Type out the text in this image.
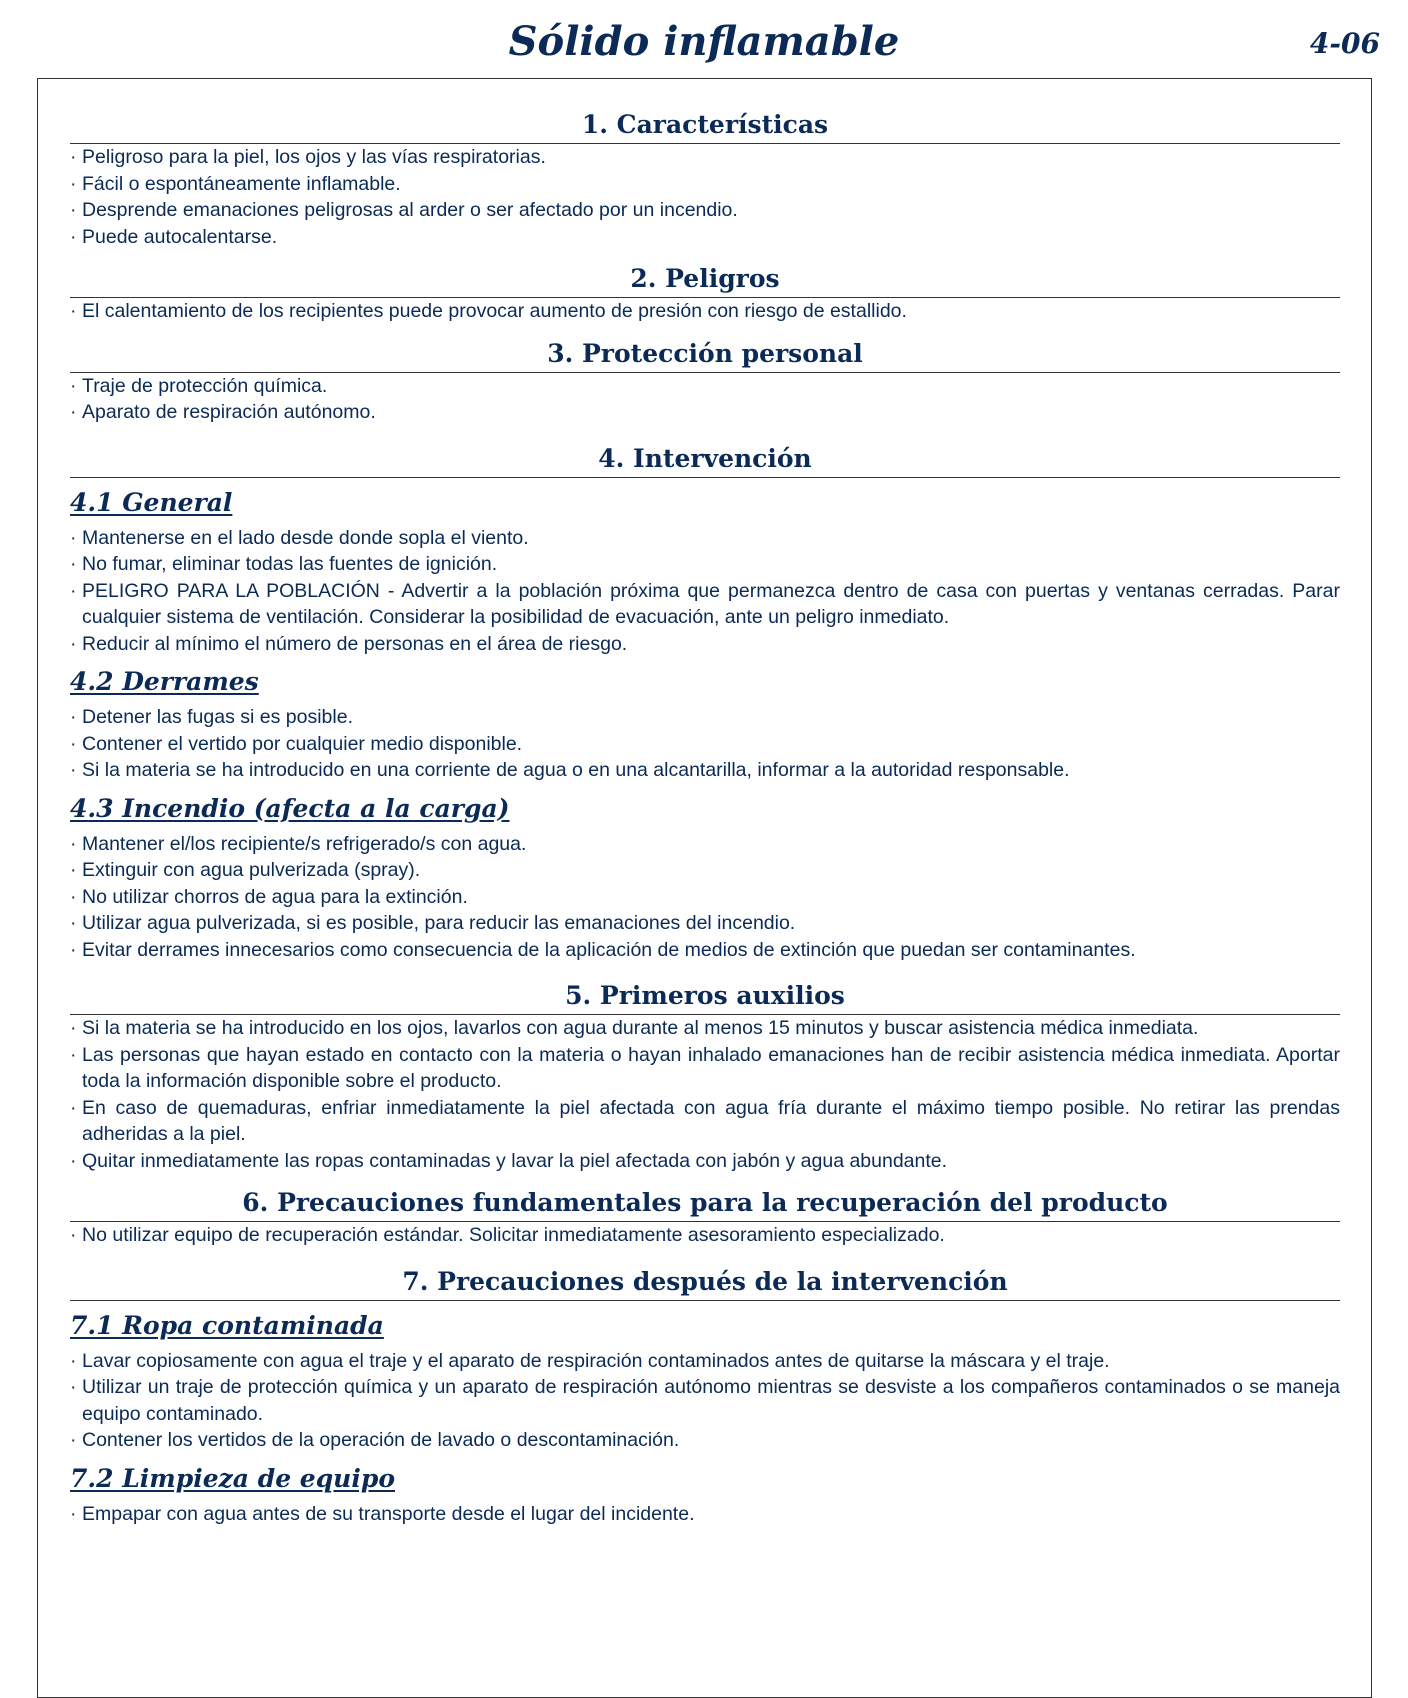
Sólido inflamable	4-06
1. Características
· Peligroso para la piel, los ojos y las vías respiratorias.
· Fácil o espontáneamente inflamable.
· Desprende emanaciones peligrosas al arder o ser afectado por un incendio.
· Puede autocalentarse.
2. Peligros
· El calentamiento de los recipientes puede provocar aumento de presión con riesgo de estallido.
3. Protección personal
· Traje de protección química.
· Aparato de respiración autónomo.
4. Intervención
4.1 General
· Mantenerse en el lado desde donde sopla el viento.
· No fumar, eliminar todas las fuentes de ignición.
· PELIGRO PARA LA POBLACIÓN - Advertir a la población próxima que permanezca dentro de casa con puertas y ventanas cerradas. Parar cualquier sistema de ventilación. Considerar la posibilidad de evacuación, ante un peligro inmediato.
· Reducir al mínimo el número de personas en el área de riesgo.
4.2 Derrames
· Detener las fugas si es posible.
· Contener el vertido por cualquier medio disponible.
· Si la materia se ha introducido en una corriente de agua o en una alcantarilla, informar a la autoridad responsable.
4.3 Incendio (afecta a la carga)
· Mantener el/los recipiente/s refrigerado/s con agua.
· Extinguir con agua pulverizada (spray).
· No utilizar chorros de agua para la extinción.
· Utilizar agua pulverizada, si es posible, para reducir las emanaciones del incendio.
· Evitar derrames innecesarios como consecuencia de la aplicación de medios de extinción que puedan ser contaminantes.
5. Primeros auxilios
· Si la materia se ha introducido en los ojos, lavarlos con agua durante al menos 15 minutos y buscar asistencia médica inmediata.
· Las personas que hayan estado en contacto con la materia o hayan inhalado emanaciones han de recibir asistencia médica inmediata. Aportar toda la información disponible sobre el producto.
· En caso de quemaduras, enfriar inmediatamente la piel afectada con agua fría durante el máximo tiempo posible. No retirar las prendas adheridas a la piel.
· Quitar inmediatamente las ropas contaminadas y lavar la piel afectada con jabón y agua abundante.
6. Precauciones fundamentales para la recuperación del producto
· No utilizar equipo de recuperación estándar. Solicitar inmediatamente asesoramiento especializado.
7. Precauciones después de la intervención
7.1 Ropa contaminada
· Lavar copiosamente con agua el traje y el aparato de respiración contaminados antes de quitarse la máscara y el traje.
· Utilizar un traje de protección química y un aparato de respiración autónomo mientras se desviste a los compañeros contaminados o se maneja equipo contaminado.
· Contener los vertidos de la operación de lavado o descontaminación.
7.2 Limpieza de equipo
· Empapar con agua antes de su transporte desde el lugar del incidente.
